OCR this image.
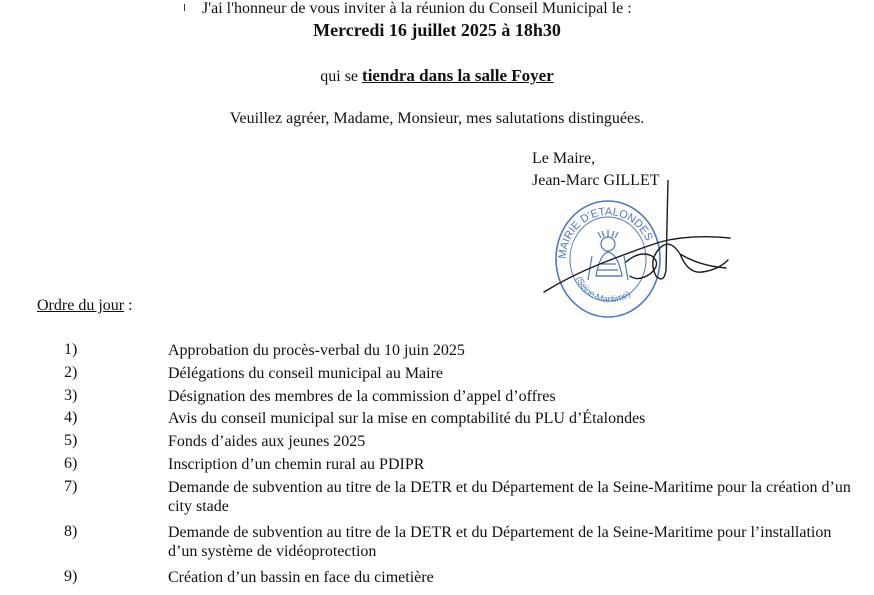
J'ai l'honneur de vous inviter à la réunion du Conseil Municipal le :
Mercredi 16 juillet 2025 à 18h30
qui se tiendra dans la salle Foyer
Veuillez agréer, Madame, Monsieur, mes salutations distinguées.
Le Maire,
Jean-Marc GILLET
MAIRIE D'ETALONDES
(Seine-Maritime)
Ordre du jour :
1)	Approbation du procès-verbal du 10 juin 2025
2)	Délégations du conseil municipal au Maire
3)	Désignation des membres de la commission d’appel d’offres
4)	Avis du conseil municipal sur la mise en comptabilité du PLU d’Étalondes
5)	Fonds d’aides aux jeunes 2025
6)	Inscription d’un chemin rural au PDIPR
7)	Demande de subvention au titre de la DETR et du Département de la Seine-Maritime pour la création d’un city stade
8)	Demande de subvention au titre de la DETR et du Département de la Seine-Maritime pour l’installation d’un système de vidéoprotection
9)	Création d’un bassin en face du cimetière
